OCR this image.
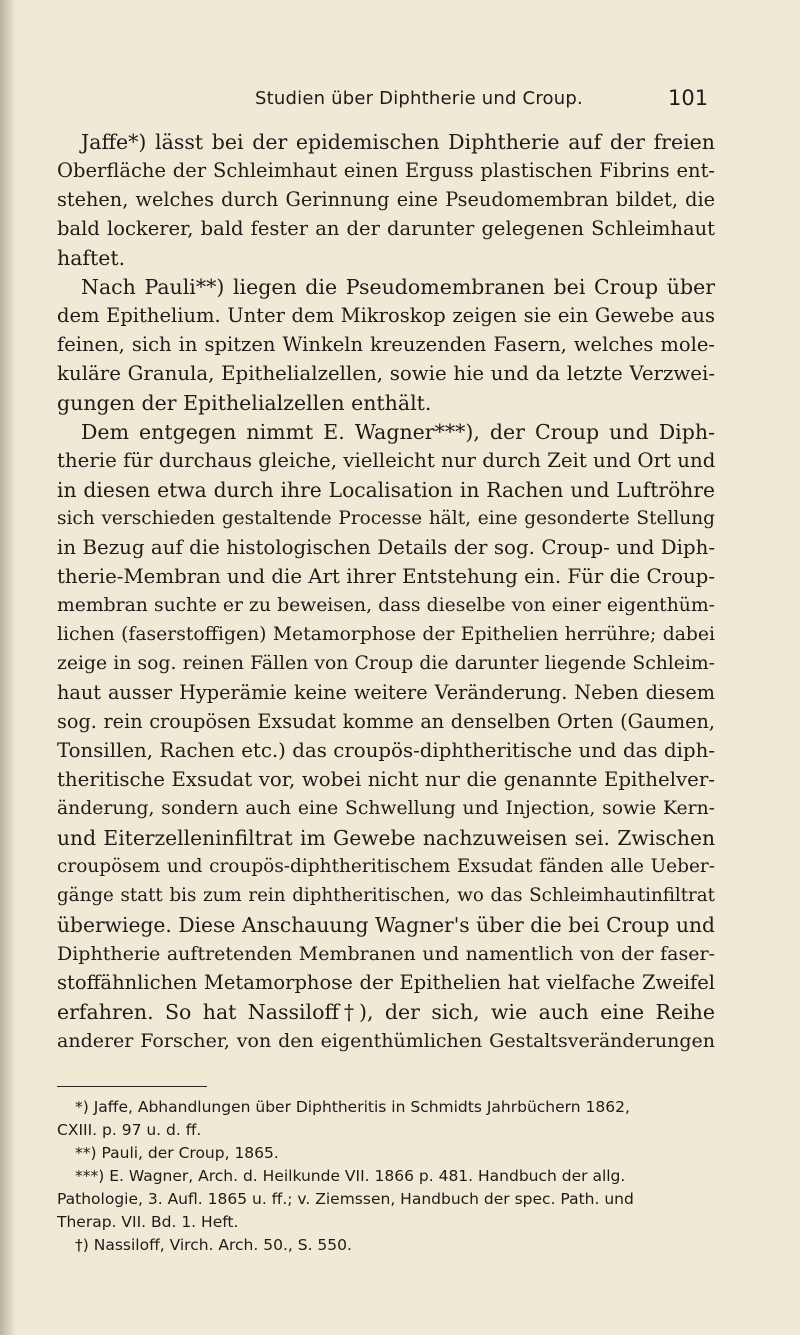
Studien über Diphtherie und Croup.	101
Jaffe*) lässt bei der epidemischen Diphtherie auf der freien
Oberfläche der Schleimhaut einen Erguss plastischen Fibrins ent-
stehen, welches durch Gerinnung eine Pseudomembran bildet, die
bald lockerer, bald fester an der darunter gelegenen Schleimhaut
haftet.
Nach Pauli**) liegen die Pseudomembranen bei Croup über
dem Epithelium. Unter dem Mikroskop zeigen sie ein Gewebe aus
feinen, sich in spitzen Winkeln kreuzenden Fasern, welches mole-
kuläre Granula, Epithelialzellen, sowie hie und da letzte Verzwei-
gungen der Epithelialzellen enthält.
Dem entgegen nimmt E. Wagner***), der Croup und Diph-
therie für durchaus gleiche, vielleicht nur durch Zeit und Ort und
in diesen etwa durch ihre Localisation in Rachen und Luftröhre
sich verschieden gestaltende Processe hält, eine gesonderte Stellung
in Bezug auf die histologischen Details der sog. Croup- und Diph-
therie-Membran und die Art ihrer Entstehung ein. Für die Croup-
membran suchte er zu beweisen, dass dieselbe von einer eigenthüm-
lichen (faserstoffigen) Metamorphose der Epithelien herrühre; dabei
zeige in sog. reinen Fällen von Croup die darunter liegende Schleim-
haut ausser Hyperämie keine weitere Veränderung. Neben diesem
sog. rein croupösen Exsudat komme an denselben Orten (Gaumen,
Tonsillen, Rachen etc.) das croupös-diphtheritische und das diph-
theritische Exsudat vor, wobei nicht nur die genannte Epithelver-
änderung, sondern auch eine Schwellung und Injection, sowie Kern-
und Eiterzelleninfiltrat im Gewebe nachzuweisen sei. Zwischen
croupösem und croupös-diphtheritischem Exsudat fänden alle Ueber-
gänge statt bis zum rein diphtheritischen, wo das Schleimhautinfiltrat
überwiege. Diese Anschauung Wagner's über die bei Croup und
Diphtherie auftretenden Membranen und namentlich von der faser-
stoffähnlichen Metamorphose der Epithelien hat vielfache Zweifel
erfahren. So hat Nassiloff†), der sich, wie auch eine Reihe
anderer Forscher, von den eigenthümlichen Gestaltsveränderungen
*) Jaffe, Abhandlungen über Diphtheritis in Schmidts Jahrbüchern 1862,
CXIII. p. 97 u. d. ff.
**) Pauli, der Croup, 1865.
***) E. Wagner, Arch. d. Heilkunde VII. 1866 p. 481. Handbuch der allg.
Pathologie, 3. Aufl. 1865 u. ff.; v. Ziemssen, Handbuch der spec. Path. und
Therap. VII. Bd. 1. Heft.
†) Nassiloff, Virch. Arch. 50., S. 550.
